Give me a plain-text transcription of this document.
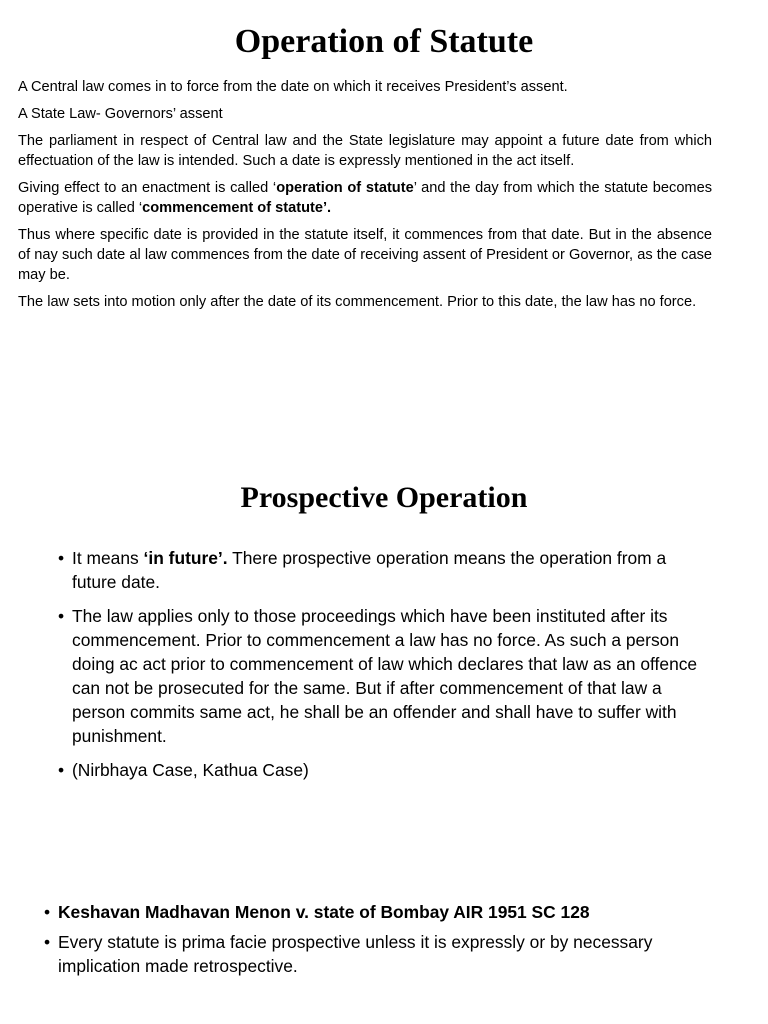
Operation of Statute

A Central law comes in to force from the date on which it receives President’s assent.

A State Law- Governors’ assent

The parliament in respect of Central law and the State legislature may appoint a future date from which effectuation of the law is intended. Such a date is expressly mentioned in the act itself.

Giving effect to an enactment is called ‘operation of statute’ and the day from which the statute becomes operative is called ‘commencement of statute’.

Thus where specific date is provided in the statute itself, it commences from that date. But in the absence of nay such date al law commences from the date of receiving assent of President or Governor, as the case may be.

The law sets into motion only after the date of its commencement. Prior to this date, the law has no force.

Prospective Operation
• It means ‘in future’. There prospective operation means the operation from a future date.
• The law applies only to those proceedings which have been instituted after its commencement. Prior to commencement a law has no force. As such a person doing ac act prior to commencement of law which declares that law as an offence can not be prosecuted for the same. But if after commencement of that law a person commits same act, he shall be an offender and shall have to suffer with punishment.
• (Nirbhaya Case, Kathua Case)
• Keshavan Madhavan Menon v. state of Bombay AIR 1951 SC 128
• Every statute is prima facie prospective unless it is expressly or by necessary implication made retrospective.
